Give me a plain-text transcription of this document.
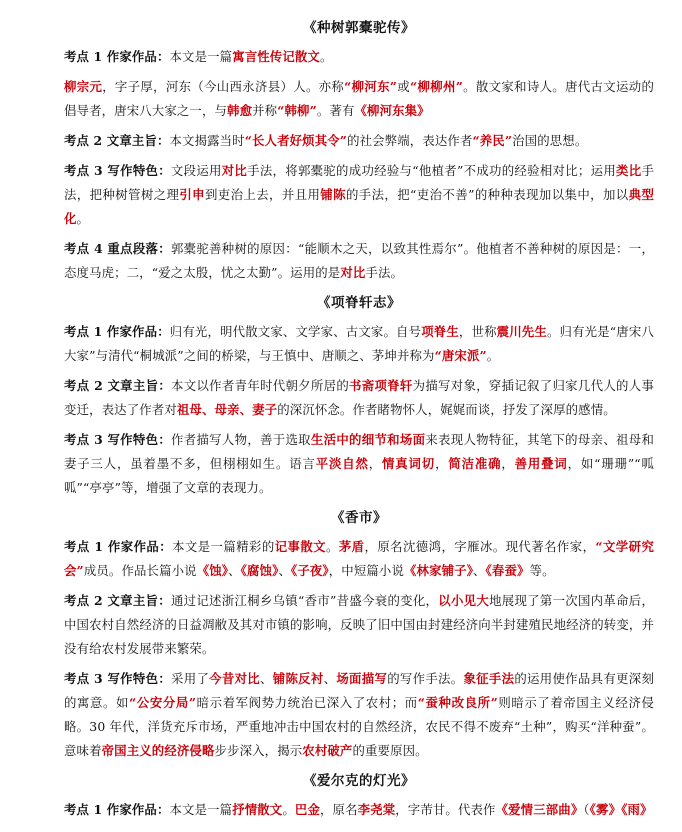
《种树郭橐驼传》

考点 1 作家作品：本文是一篇寓言性传记散文。

柳宗元，字子厚，河东（今山西永济县）人。亦称“柳河东”或“柳柳州”。散文家和诗人。唐代古文运动的倡导者，唐宋八大家之一，与韩愈并称“韩柳”。著有《柳河东集》

考点 2 文章主旨：本文揭露当时“长人者好烦其令”的社会弊端，表达作者“养民”治国的思想。

考点 3 写作特色：文段运用对比手法，将郭橐驼的成功经验与“他植者”不成功的经验相对比；运用类比手法，把种树管树之理引申到吏治上去，并且用铺陈的手法，把“吏治不善”的种种表现加以集中，加以典型化。

考点 4 重点段落：郭橐驼善种树的原因：“能顺木之天，以致其性焉尔”。他植者不善种树的原因是：一，态度马虎；二，“爱之太殷，忧之太勤”。运用的是对比手法。

《项脊轩志》

考点 1 作家作品：归有光，明代散文家、文学家、古文家。自号项脊生，世称震川先生。归有光是“唐宋八大家”与清代“桐城派”之间的桥梁，与王慎中、唐顺之、茅坤并称为“唐宋派”。

考点 2 文章主旨：本文以作者青年时代朝夕所居的书斋项脊轩为描写对象，穿插记叙了归家几代人的人事变迁，表达了作者对祖母、母亲、妻子的深沉怀念。作者睹物怀人，娓娓而谈，抒发了深厚的感情。

考点 3 写作特色：作者描写人物，善于选取生活中的细节和场面来表现人物特征，其笔下的母亲、祖母和妻子三人，虽着墨不多，但栩栩如生。语言平淡自然，情真词切，简洁准确，善用叠词，如“珊珊”“呱呱”“亭亭”等，增强了文章的表现力。

《香市》

考点 1 作家作品：本文是一篇精彩的记事散文。茅盾，原名沈德鸿，字雁冰。现代著名作家，“文学研究会”成员。作品长篇小说《蚀》、《腐蚀》、《子夜》，中短篇小说《林家铺子》、《春蚕》等。

考点 2 文章主旨：通过记述浙江桐乡乌镇“香市”昔盛今衰的变化，以小见大地展现了第一次国内革命后，中国农村自然经济的日益凋敝及其对市镇的影响，反映了旧中国由封建经济向半封建殖民地经济的转变，并没有给农村发展带来繁荣。

考点 3 写作特色：采用了今昔对比、铺陈反衬、场面描写的写作手法。象征手法的运用使作品具有更深刻的寓意。如“公安分局”暗示着军阀势力统治已深入了农村；而“蚕种改良所”则暗示了着帝国主义经济侵略。30 年代，洋货充斥市场，严重地冲击中国农村的自然经济，农民不得不废弃“土种”，购买“洋种蚕”。意味着帝国主义的经济侵略步步深入，揭示农村破产的重要原因。

《爱尔克的灯光》

考点 1 作家作品：本文是一篇抒情散文。巴金，原名李尧棠，字芾甘。代表作《爱情三部曲》（《雾》《雨》
